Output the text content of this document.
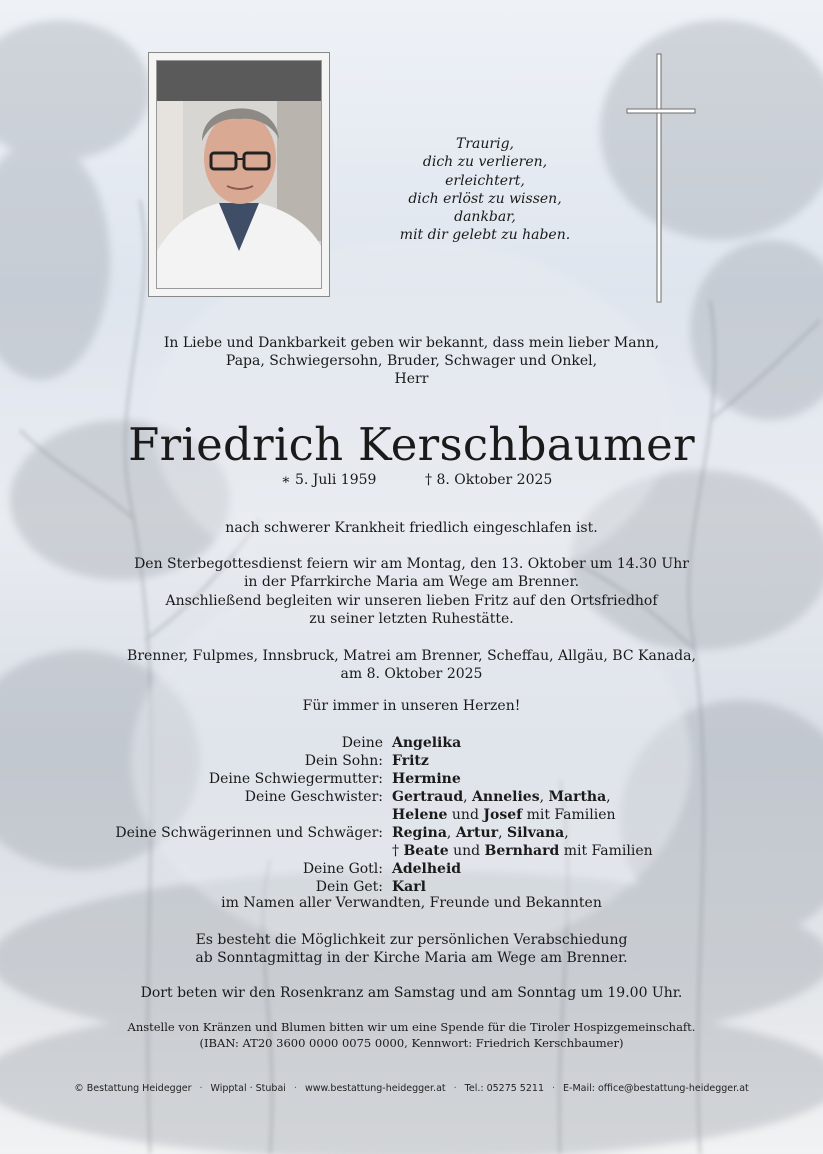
Traurig,
dich zu verlieren,
erleichtert,
dich erlöst zu wissen,
dankbar,
mit dir gelebt zu haben.
In Liebe und Dankbarkeit geben wir bekannt, dass mein lieber Mann,
Papa, Schwiegersohn, Bruder, Schwager und Onkel,
Herr
Friedrich Kerschbaumer
∗ 5. Juli 1959	† 8. Oktober 2025
nach schwerer Krankheit friedlich eingeschlafen ist.
Den Sterbegottesdienst feiern wir am Montag, den 13. Oktober um 14.30 Uhr
in der Pfarrkirche Maria am Wege am Brenner.
Anschließend begleiten wir unseren lieben Fritz auf den Ortsfriedhof
zu seiner letzten Ruhestätte.
Brenner, Fulpmes, Innsbruck, Matrei am Brenner, Scheffau, Allgäu, BC Kanada,
am 8. Oktober 2025
Für immer in unseren Herzen!
Deine Angelika
Dein Sohn: Fritz
Deine Schwiegermutter: Hermine
Deine Geschwister: Gertraud, Annelies, Martha,
Helene und Josef mit Familien
Deine Schwägerinnen und Schwäger: Regina, Artur, Silvana,
† Beate und Bernhard mit Familien
Deine Gotl: Adelheid
Dein Get: Karl
im Namen aller Verwandten, Freunde und Bekannten
Es besteht die Möglichkeit zur persönlichen Verabschiedung
ab Sonntagmittag in der Kirche Maria am Wege am Brenner.
Dort beten wir den Rosenkranz am Samstag und am Sonntag um 19.00 Uhr.
Anstelle von Kränzen und Blumen bitten wir um eine Spende für die Tiroler Hospizgemeinschaft.
(IBAN: AT20 3600 0000 0075 0000, Kennwort: Friedrich Kerschbaumer)
© Bestattung Heidegger · Wipptal · Stubai · www.bestattung-heidegger.at · Tel.: 05275 5211 · E-Mail: office@bestattung-heidegger.at
